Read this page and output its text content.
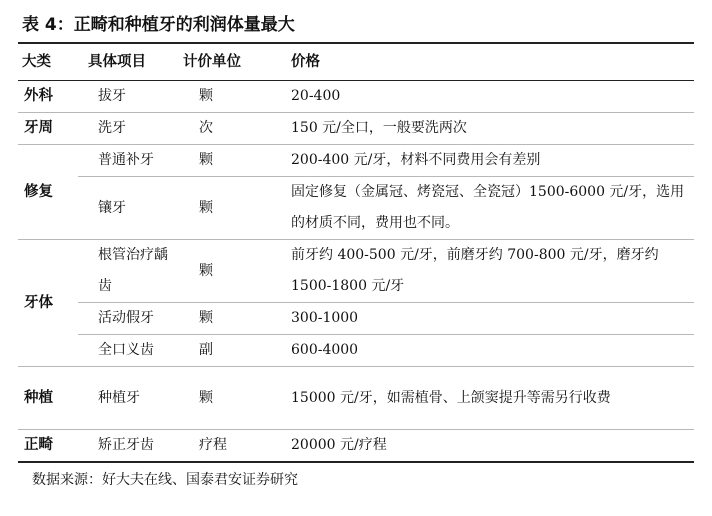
表 4：正畸和种植牙的利润体量最大
大类	具体项目	计价单位	价格
外科	拔牙	颗	20-400
牙周	洗牙	次	150 元/全口，一般要洗两次
修复	普通补牙	颗	200-400 元/牙，材料不同费用会有差别
	镶牙	颗	固定修复（金属冠、烤瓷冠、全瓷冠）1500-6000 元/牙，选用的材质不同，费用也不同。
牙体	根管治疗龋齿	颗	前牙约 400-500 元/牙，前磨牙约 700-800 元/牙，磨牙约 1500-1800 元/牙
	活动假牙	颗	300-1000
	全口义齿	副	600-4000
种植	种植牙	颗	15000 元/牙，如需植骨、上颌窦提升等需另行收费
正畸	矫正牙齿	疗程	20000 元/疗程
数据来源：好大夫在线、国泰君安证券研究
